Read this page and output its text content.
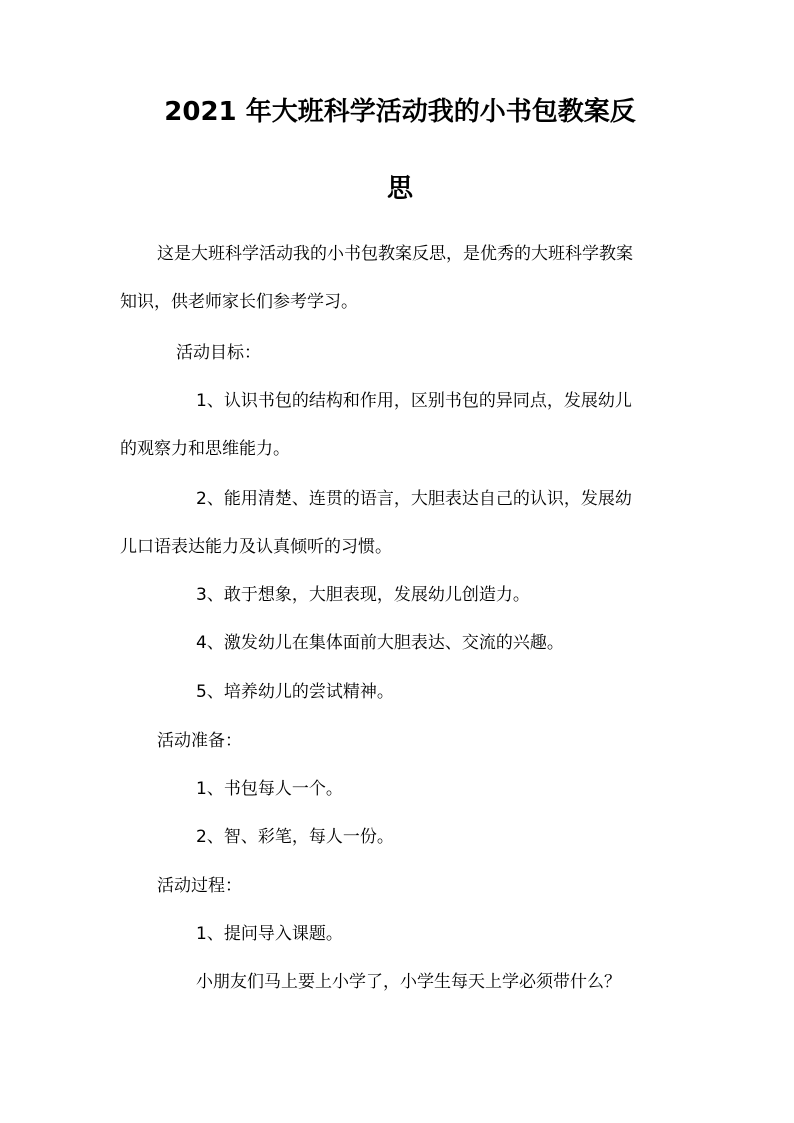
2021 年大班科学活动我的小书包教案反
思
这是大班科学活动我的小书包教案反思，是优秀的大班科学教案
知识，供老师家长们参考学习。
活动目标：
1、认识书包的结构和作用，区别书包的异同点，发展幼儿
的观察力和思维能力。
2、能用清楚、连贯的语言，大胆表达自己的认识，发展幼
儿口语表达能力及认真倾听的习惯。
3、敢于想象，大胆表现，发展幼儿创造力。
4、激发幼儿在集体面前大胆表达、交流的兴趣。
5、培养幼儿的尝试精神。
活动准备：
1、书包每人一个。
2、智、彩笔，每人一份。
活动过程：
1、提问导入课题。
小朋友们马上要上小学了，小学生每天上学必须带什么？
